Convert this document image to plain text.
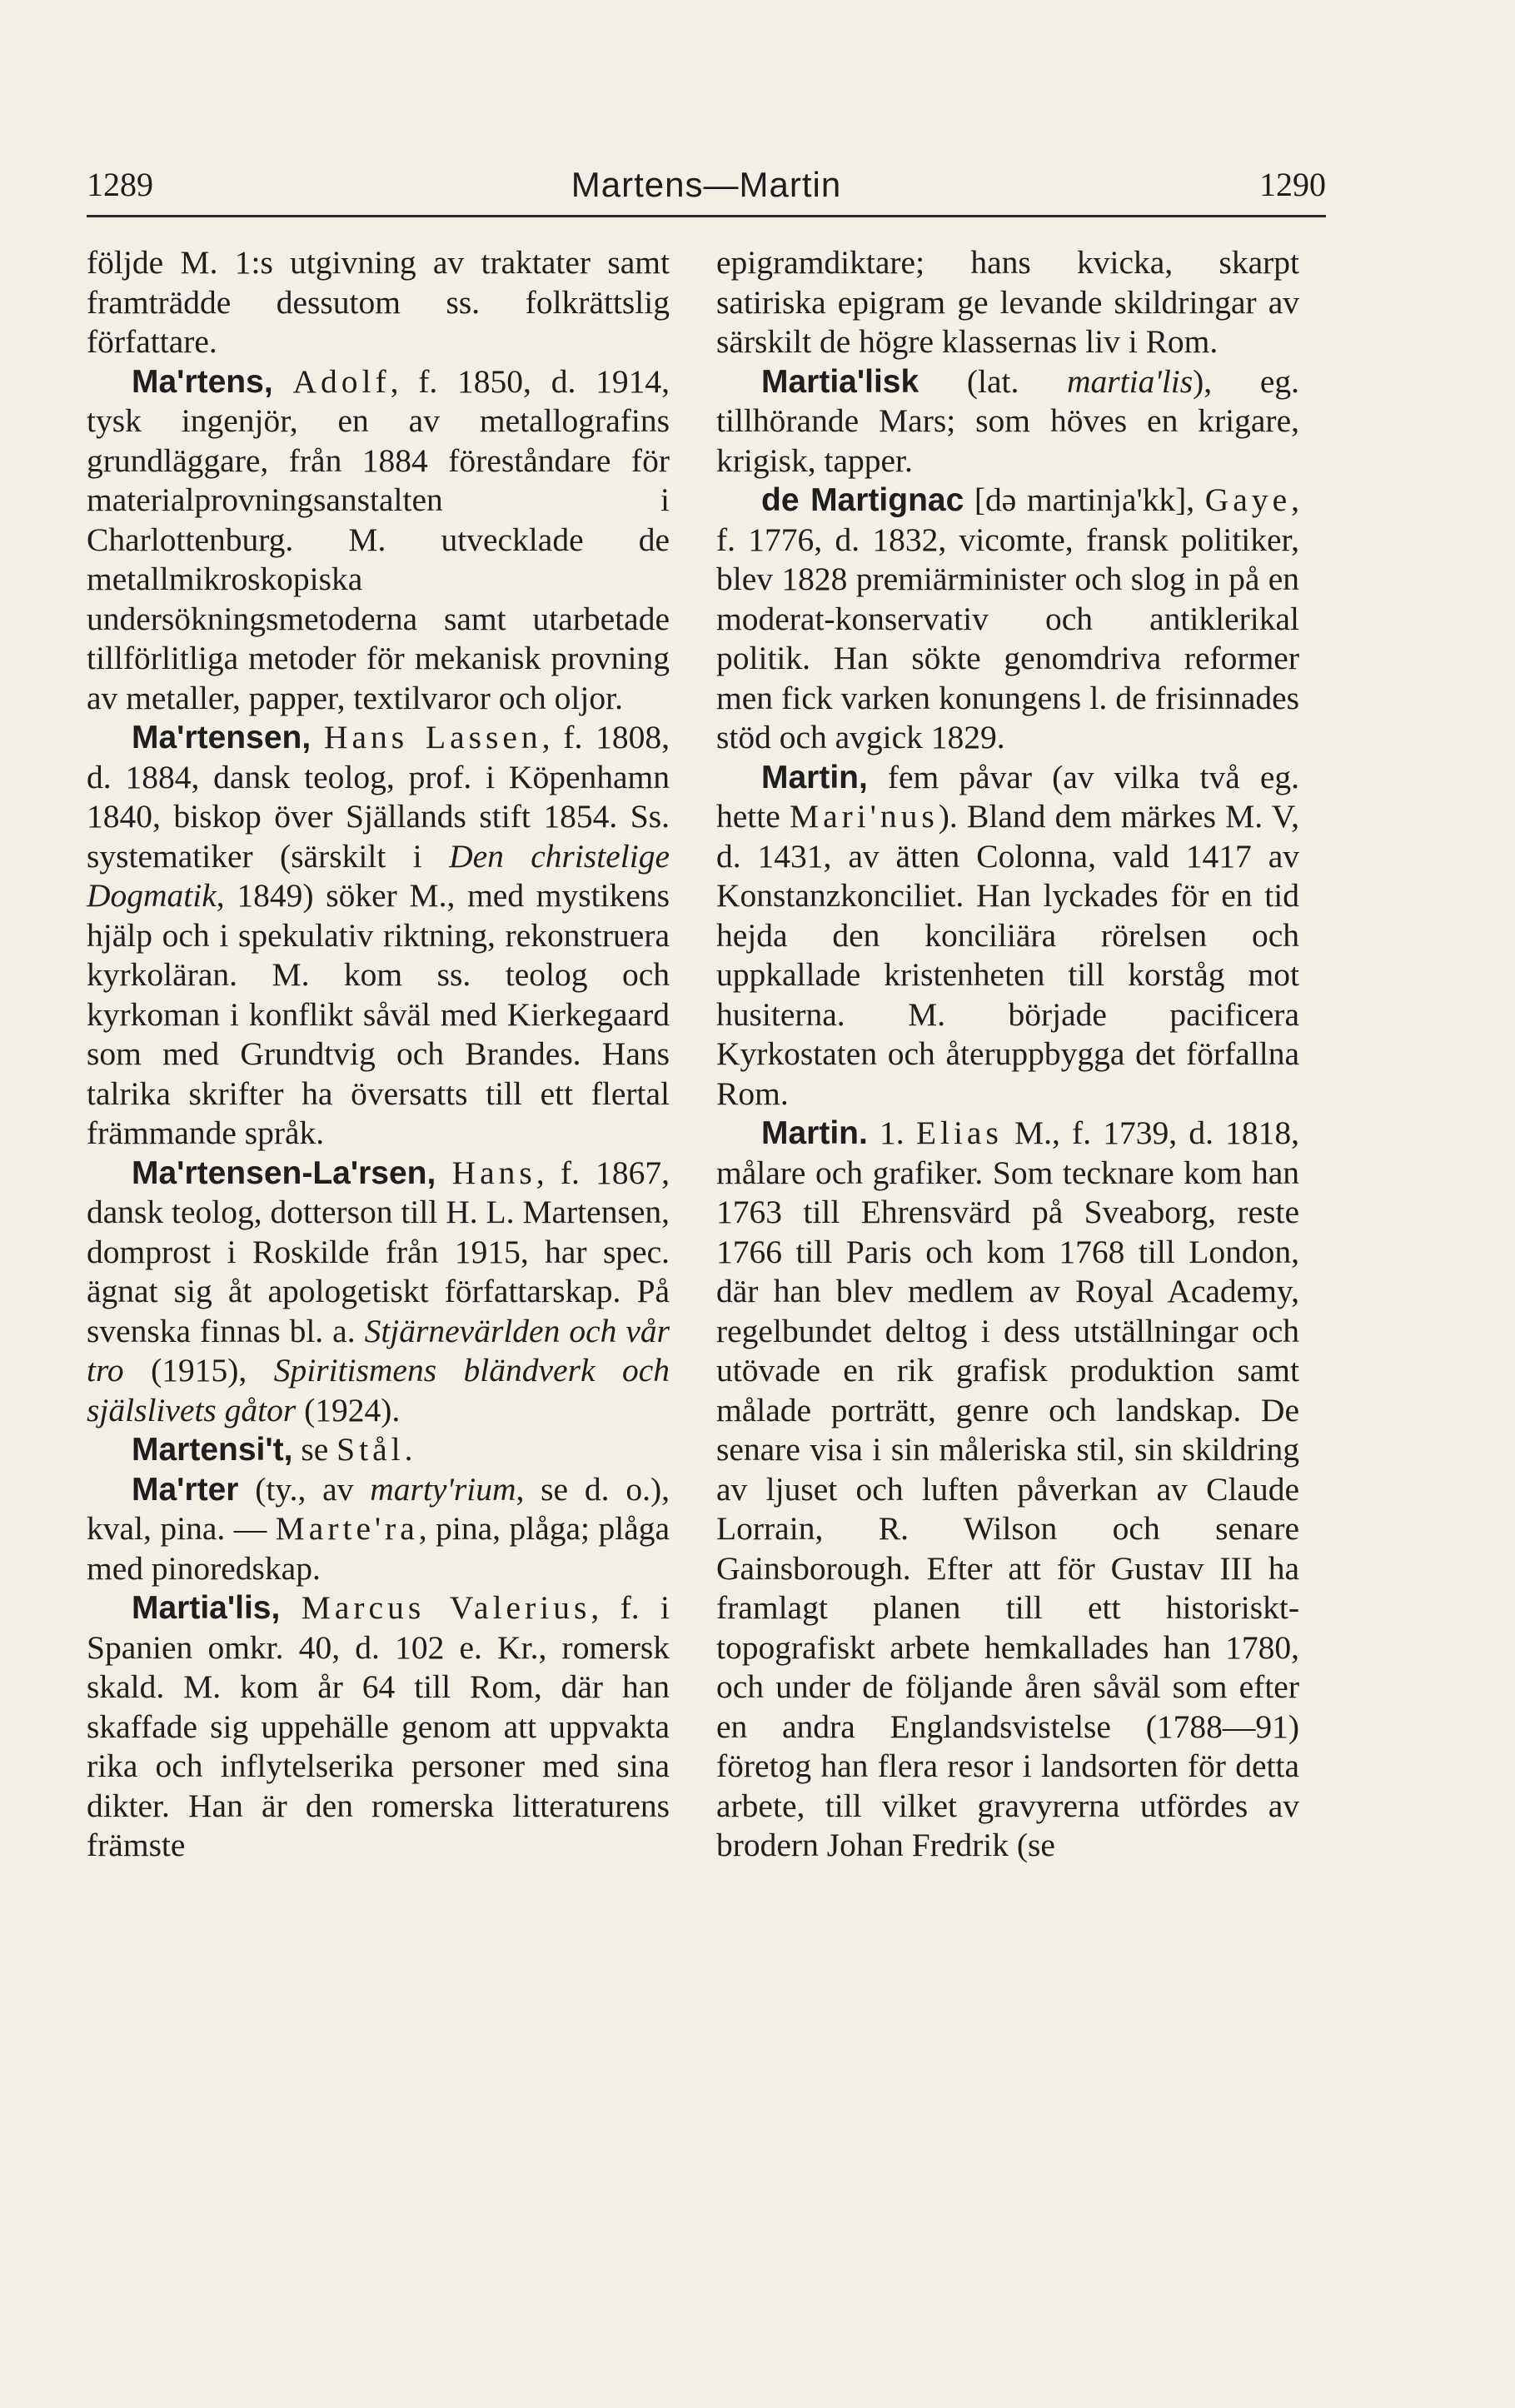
1289	Martens—Martin	1290

följde M. 1:s utgivning av traktater samt framträdde dessutom ss. folkrättslig författare.

Ma'rtens, Adolf, f. 1850, d. 1914, tysk ingenjör, en av metallografins grundläggare, från 1884 föreståndare för materialprovningsanstalten i Charlottenburg. M. utvecklade de metallmikroskopiska undersökningsmetoderna samt utarbetade tillförlitliga metoder för mekanisk provning av metaller, papper, textilvaror och oljor.

Ma'rtensen, Hans Lassen, f. 1808, d. 1884, dansk teolog, prof. i Köpenhamn 1840, biskop över Själlands stift 1854. Ss. systematiker (särskilt i Den christelige Dogmatik, 1849) söker M., med mystikens hjälp och i spekulativ riktning, rekonstruera kyrkoläran. M. kom ss. teolog och kyrkoman i konflikt såväl med Kierkegaard som med Grundtvig och Brandes. Hans talrika skrifter ha översatts till ett flertal främmande språk.

Ma'rtensen-La'rsen, Hans, f. 1867, dansk teolog, dotterson till H. L. Martensen, domprost i Roskilde från 1915, har spec. ägnat sig åt apologetiskt författarskap. På svenska finnas bl. a. Stjärnevärlden och vår tro (1915), Spiritismens bländverk och själslivets gåtor (1924).

Martensi't, se Stål.

Ma'rter (ty., av marty'rium, se d. o.), kval, pina. — Marte'ra, pina, plåga; plåga med pinoredskap.

Martia'lis, Marcus Valerius, f. i Spanien omkr. 40, d. 102 e. Kr., romersk skald. M. kom år 64 till Rom, där han skaffade sig uppehälle genom att uppvakta rika och inflytelserika personer med sina dikter. Han är den romerska litteraturens främste

epigramdiktare; hans kvicka, skarpt satiriska epigram ge levande skildringar av särskilt de högre klassernas liv i Rom.

Martia'lisk (lat. martia'lis), eg. tillhörande Mars; som höves en krigare, krigisk, tapper.

de Martignac [də martinja'kk], Gaye, f. 1776, d. 1832, vicomte, fransk politiker, blev 1828 premiärminister och slog in på en moderat-konservativ och antiklerikal politik. Han sökte genomdriva reformer men fick varken konungens l. de frisinnades stöd och avgick 1829.

Martin, fem påvar (av vilka två eg. hette Mari'nus). Bland dem märkes M. V, d. 1431, av ätten Colonna, vald 1417 av Konstanzkonciliet. Han lyckades för en tid hejda den konciliära rörelsen och uppkallade kristenheten till korståg mot husiterna. M. började pacificera Kyrkostaten och återuppbygga det förfallna Rom.

Martin. 1. Elias M., f. 1739, d. 1818, målare och grafiker. Som tecknare kom han 1763 till Ehrensvärd på Sveaborg, reste 1766 till Paris och kom 1768 till London, där han blev medlem av Royal Academy, regelbundet deltog i dess utställningar och utövade en rik grafisk produktion samt målade porträtt, genre och landskap. De senare visa i sin måleriska stil, sin skildring av ljuset och luften påverkan av Claude Lorrain, R. Wilson och senare Gainsborough. Efter att för Gustav III ha framlagt planen till ett historiskt-topografiskt arbete hemkallades han 1780, och under de följande åren såväl som efter en andra Englandsvistelse (1788—91) företog han flera resor i landsorten för detta arbete, till vilket gravyrerna utfördes av brodern Johan Fredrik (se
